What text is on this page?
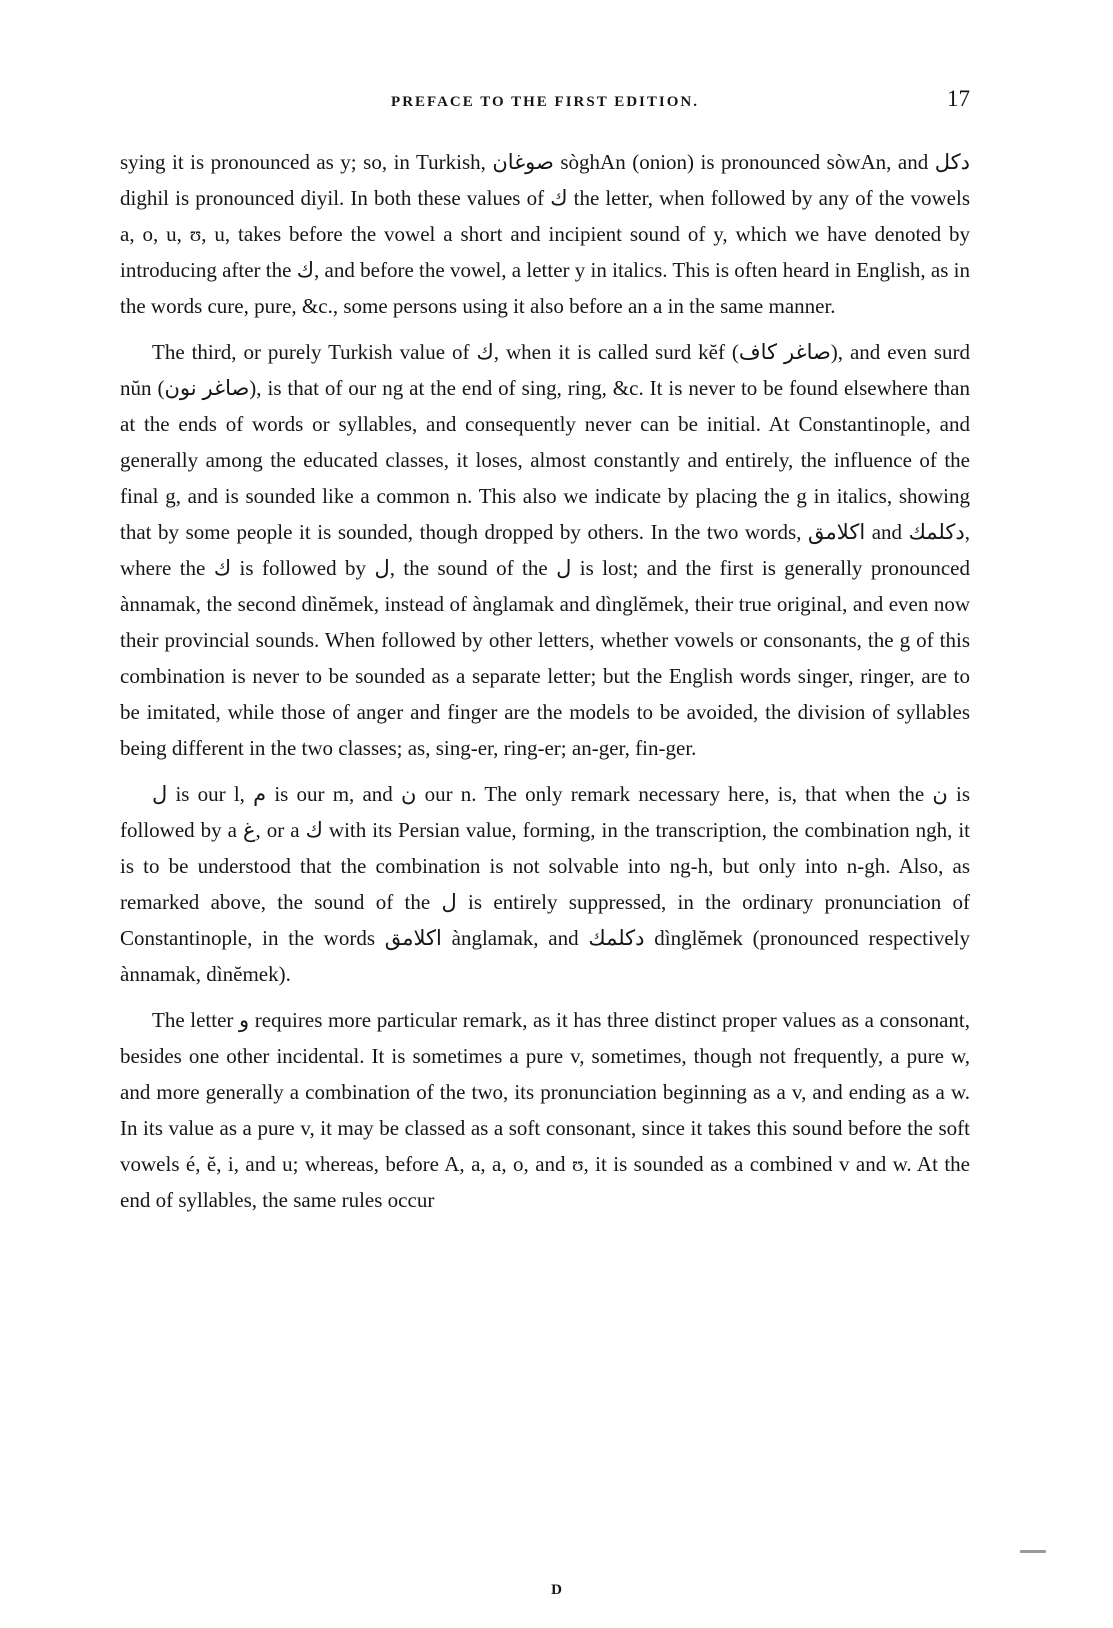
PREFACE TO THE FIRST EDITION.	17

sying it is pronounced as y; so, in Turkish, صوغان sòghAn (onion) is pronounced sòwAn, and دكل dighil is pronounced diyil. In both these values of ك the letter, when followed by any of the vowels a, o, u, ʊ, u, takes before the vowel a short and incipient sound of y, which we have denoted by introducing after the ك, and before the vowel, a letter y in italics. This is often heard in English, as in the words cure, pure, &c., some persons using it also before an a in the same manner.

The third, or purely Turkish value of ك, when it is called surd kĕf (صاغر كاف), and even surd nŭn (صاغر نون), is that of our ng at the end of sing, ring, &c. It is never to be found elsewhere than at the ends of words or syllables, and consequently never can be initial. At Constantinople, and generally among the educated classes, it loses, almost constantly and entirely, the influence of the final g, and is sounded like a common n. This also we indicate by placing the g in italics, showing that by some people it is sounded, though dropped by others. In the two words, اكلامق and دكلمك, where the ك is followed by ل, the sound of the ل is lost; and the first is generally pronounced ànnamak, the second dìnĕmek, instead of ànglamak and dìnglĕmek, their true original, and even now their provincial sounds. When followed by other letters, whether vowels or consonants, the g of this combination is never to be sounded as a separate letter; but the English words singer, ringer, are to be imitated, while those of anger and finger are the models to be avoided, the division of syllables being different in the two classes; as, sing-er, ring-er; an-ger, fin-ger.

ل is our l, م is our m, and ن our n. The only remark necessary here, is, that when the ن is followed by a غ, or a ك with its Persian value, forming, in the transcription, the combination ngh, it is to be understood that the combination is not solvable into ng-h, but only into n-gh. Also, as remarked above, the sound of the ل is entirely suppressed, in the ordinary pronunciation of Constantinople, in the words اكلامق ànglamak, and دكلمك dìnglĕmek (pronounced respectively ànnamak, dìnĕmek).

The letter و requires more particular remark, as it has three distinct proper values as a consonant, besides one other incidental. It is sometimes a pure v, sometimes, though not frequently, a pure w, and more generally a combination of the two, its pronunciation beginning as a v, and ending as a w. In its value as a pure v, it may be classed as a soft consonant, since it takes this sound before the soft vowels é, ĕ, i, and u; whereas, before A, a, a, o, and ʊ, it is sounded as a combined v and w. At the end of syllables, the same rules occur

D
